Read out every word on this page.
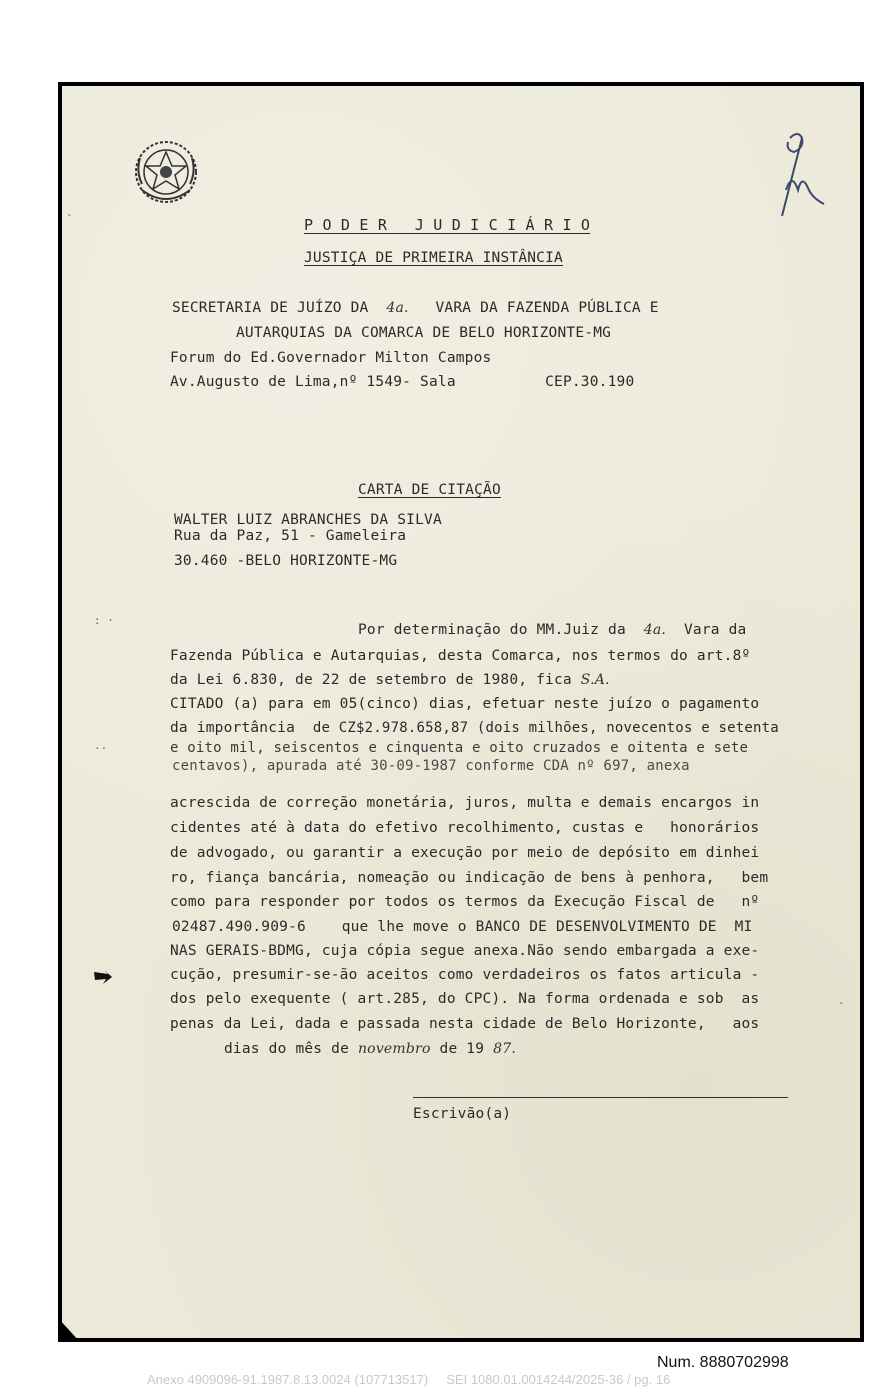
P O D E R   J U D I C I Á R I O
JUSTIÇA DE PRIMEIRA INSTÂNCIA
SECRETARIA DE JUÍZO DA 4a. VARA DA FAZENDA PÚBLICA E
AUTARQUIAS DA COMARCA DE BELO HORIZONTE-MG
Forum do Ed.Governador Milton Campos
Av.Augusto de Lima,nº 1549- Sala	CEP.30.190
CARTA DE CITAÇÃO
WALTER LUIZ ABRANCHES DA SILVA
Rua da Paz, 51 - Gameleira
30.460 -BELO HORIZONTE-MG
Por determinação do MM.Juiz da 4a. Vara da
Fazenda Pública e Autarquias, desta Comarca, nos termos do art.8º
da Lei 6.830, de 22 de setembro de 1980, fica S.A.
CITADO (a) para em 05(cinco) dias, efetuar neste juízo o pagamento
da importância de CZ$2.978.658,87 (dois milhões, novecentos e setenta
e oito mil, seiscentos e cinquenta e oito cruzados e oitenta e sete
centavos), apurada até 30-09-1987 conforme CDA nº 697, anexa
acrescida de correção monetária, juros, multa e demais encargos in
cidentes até à data do efetivo recolhimento, custas e   honorários
de advogado, ou garantir a execução por meio de depósito em dinhei
ro, fiança bancária, nomeação ou indicação de bens à penhora,   bem
como para responder por todos os termos da Execução Fiscal de   nº
02487.490.909-6 que lhe move o BANCO DE DESENVOLVIMENTO DE  MI
NAS GERAIS-BDMG, cuja cópia segue anexa.Não sendo embargada a exe-
cução, presumir-se-ão aceitos como verdadeiros os fatos articula -
dos pelo exequente ( art.285, do CPC). Na forma ordenada e sob  as
penas da Lei, dada e passada nesta cidade de Belo Horizonte,   aos
dias do mês de novembro de 19 87.
Escrivão(a)
-
: ·
··
-
Num. 8880702998
Anexo 4909096-91.1987.8.13.0024 (107713517)     SEI 1080.01.0014244/2025-36 / pg. 16
